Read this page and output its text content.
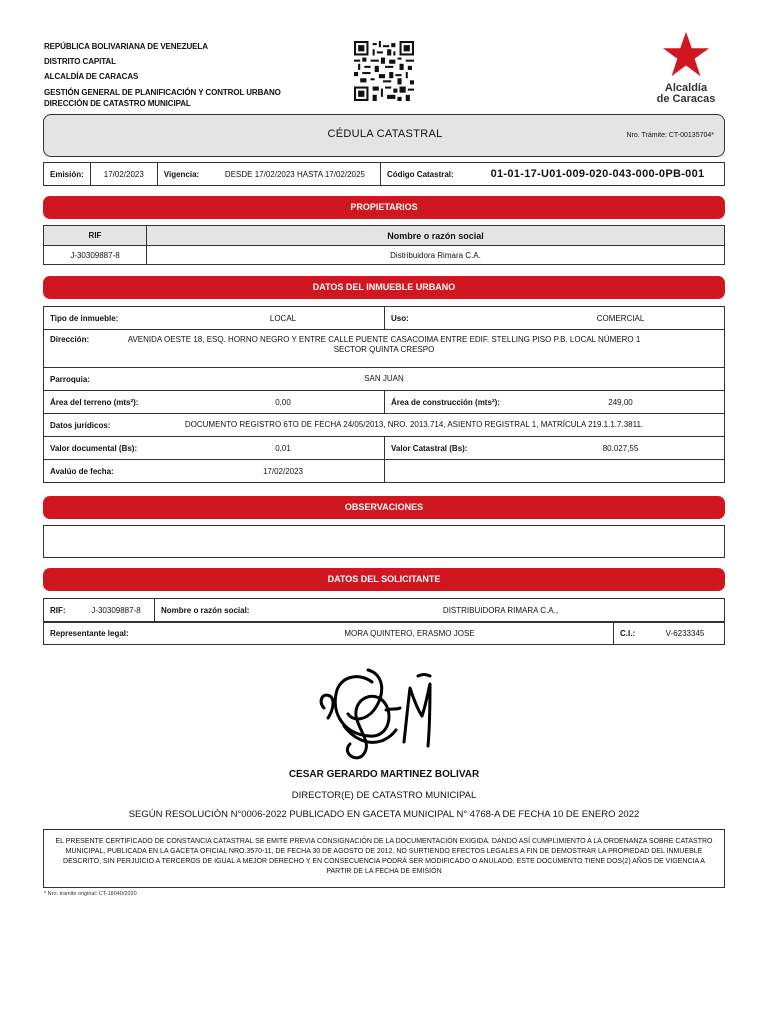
REPÚBLICA BOLIVARIANA DE VENEZUELA
DISTRITO CAPITAL
ALCALDÍA DE CARACAS
GESTIÓN GENERAL DE PLANIFICACIÓN Y CONTROL URBANO
DIRECCIÓN DE CATASTRO MUNICIPAL
Alcaldía
de Caracas
CÉDULA CATASTRAL	Nro. Trámite: CT-00135704*
Emisión:	17/02/2023	Vigencia:	DESDE 17/02/2023 HASTA 17/02/2025	Código Catastral:	01-01-17-U01-009-020-043-000-0PB-001
PROPIETARIOS
RIF	Nombre o razón social
J-30309887-8	Distribuidora Rimara C.A.
DATOS DEL INMUEBLE URBANO
Tipo de inmueble:	LOCAL	Uso:	COMERCIAL
Dirección: AVENIDA OESTE 18, ESQ. HORNO NEGRO Y ENTRE CALLE PUENTE CASACOIMA ENTRE EDIF. STELLING PISO P.B. LOCAL NÚMERO 1 SECTOR QUINTA CRESPO			

Parroquia: SAN JUAN			

Área del terreno (mts²):	0,00	Área de construcción (mts²):	249,00
Datos jurídicos: DOCUMENTO REGISTRO 6TO DE FECHA 24/05/2013, NRO. 2013.714, ASIENTO REGISTRAL 1, MATRÍCULA 219.1.1.7.3811.			

Valor documental (Bs):	0,01	Valor Catastral (Bs):	80.027,55
Avalúo de fecha:	17/02/2023		
OBSERVACIONES
DATOS DEL SOLICITANTE
RIF:	J-30309887-8	Nombre o razón social:	DISTRIBUIDORA RIMARA C.A.,
Representante legal:	MORA QUINTERO, ERASMO JOSE	C.I.:	V-6233345
CESAR GERARDO MARTINEZ BOLIVAR
DIRECTOR(E) DE CATASTRO MUNICIPAL
SEGÚN RESOLUCIÓN N°0006-2022 PUBLICADO EN GACETA MUNICIPAL N° 4768-A DE FECHA 10 DE ENERO 2022
EL PRESENTE CERTIFICADO DE CONSTANCIA CATASTRAL SE EMITE PREVIA CONSIGNACIÓN DE LA DOCUMENTACIÓN EXIGIDA. DANDO ASÍ CUMPLIMIENTO A LA ORDENANZA SOBRE CATASTRO MUNICIPAL, PUBLICADA EN LA GACETA OFICIAL NRO.3570-11, DE FECHA 30 DE AGOSTO DE 2012. NO SURTIENDO EFECTOS LEGALES A FIN DE DEMOSTRAR LA PROPIEDAD DEL INMUEBLE DESCRITO, SIN PERJUICIO A TERCEROS DE IGUAL A MEJOR DERECHO Y EN CONSECUENCIA PODRÁ SER MODIFICADO O ANULADO. ESTE DOCUMENTO TIENE DOS(2) AÑOS DE VIGENCIA A PARTIR DE LA FECHA DE EMISIÓN
* Nro. tramite original: CT-18040/2020
